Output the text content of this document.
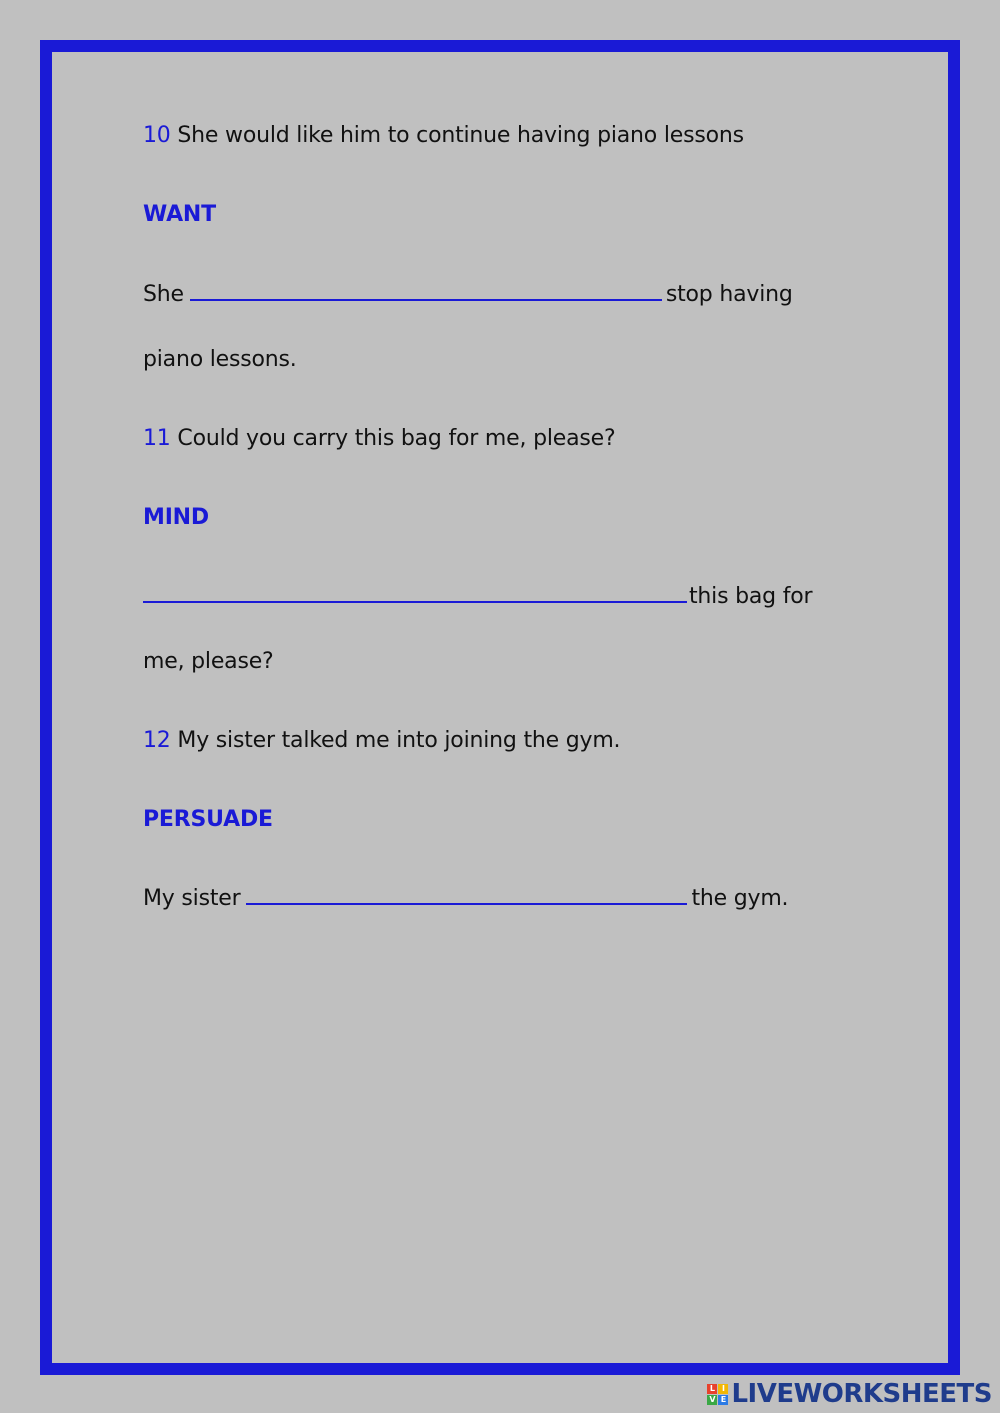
10 She would like him to continue having piano lessons
WANT
She	stop having
piano lessons.
11 Could you carry this bag for me, please?
MIND
this bag for
me, please?
12 My sister talked me into joining the gym.
PERSUADE
My sister	the gym.
L I
V E LIVEWORKSHEETS
